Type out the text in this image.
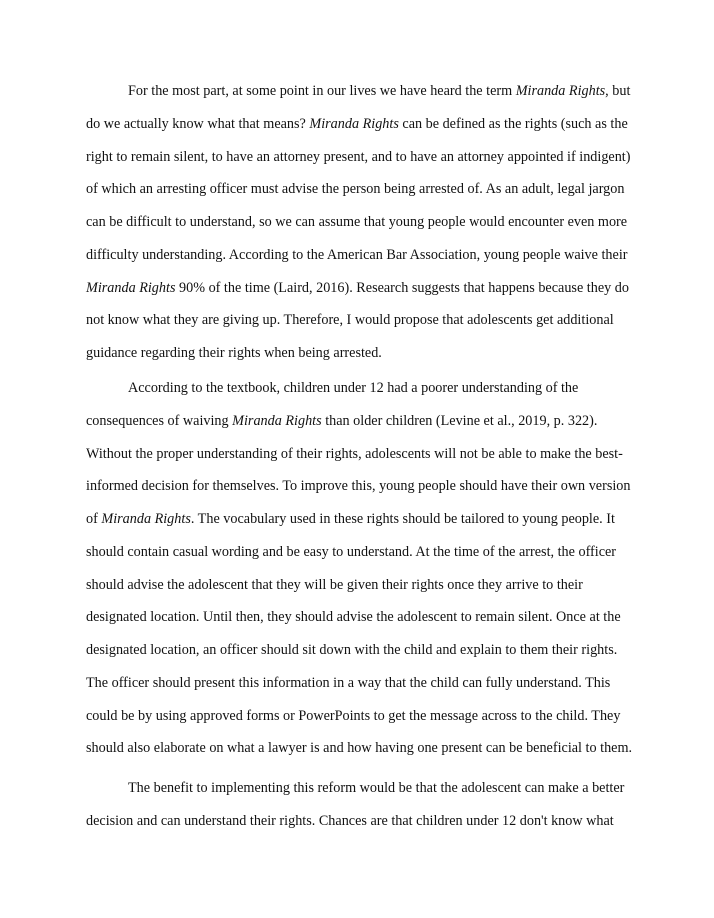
For the most part, at some point in our lives we have heard the term Miranda Rights, but
do we actually know what that means? Miranda Rights can be defined as the rights (such as the
right to remain silent, to have an attorney present, and to have an attorney appointed if indigent)
of which an arresting officer must advise the person being arrested of. As an adult, legal jargon
can be difficult to understand, so we can assume that young people would encounter even more
difficulty understanding. According to the American Bar Association, young people waive their
Miranda Rights 90% of the time (Laird, 2016). Research suggests that happens because they do
not know what they are giving up. Therefore, I would propose that adolescents get additional
guidance regarding their rights when being arrested.
According to the textbook, children under 12 had a poorer understanding of the
consequences of waiving Miranda Rights than older children (Levine et al., 2019, p. 322).
Without the proper understanding of their rights, adolescents will not be able to make the best-
informed decision for themselves. To improve this, young people should have their own version
of Miranda Rights. The vocabulary used in these rights should be tailored to young people. It
should contain casual wording and be easy to understand. At the time of the arrest, the officer
should advise the adolescent that they will be given their rights once they arrive to their
designated location. Until then, they should advise the adolescent to remain silent. Once at the
designated location, an officer should sit down with the child and explain to them their rights.
The officer should present this information in a way that the child can fully understand. This
could be by using approved forms or PowerPoints to get the message across to the child. They
should also elaborate on what a lawyer is and how having one present can be beneficial to them.
The benefit to implementing this reform would be that the adolescent can make a better
decision and can understand their rights. Chances are that children under 12 don't know what
